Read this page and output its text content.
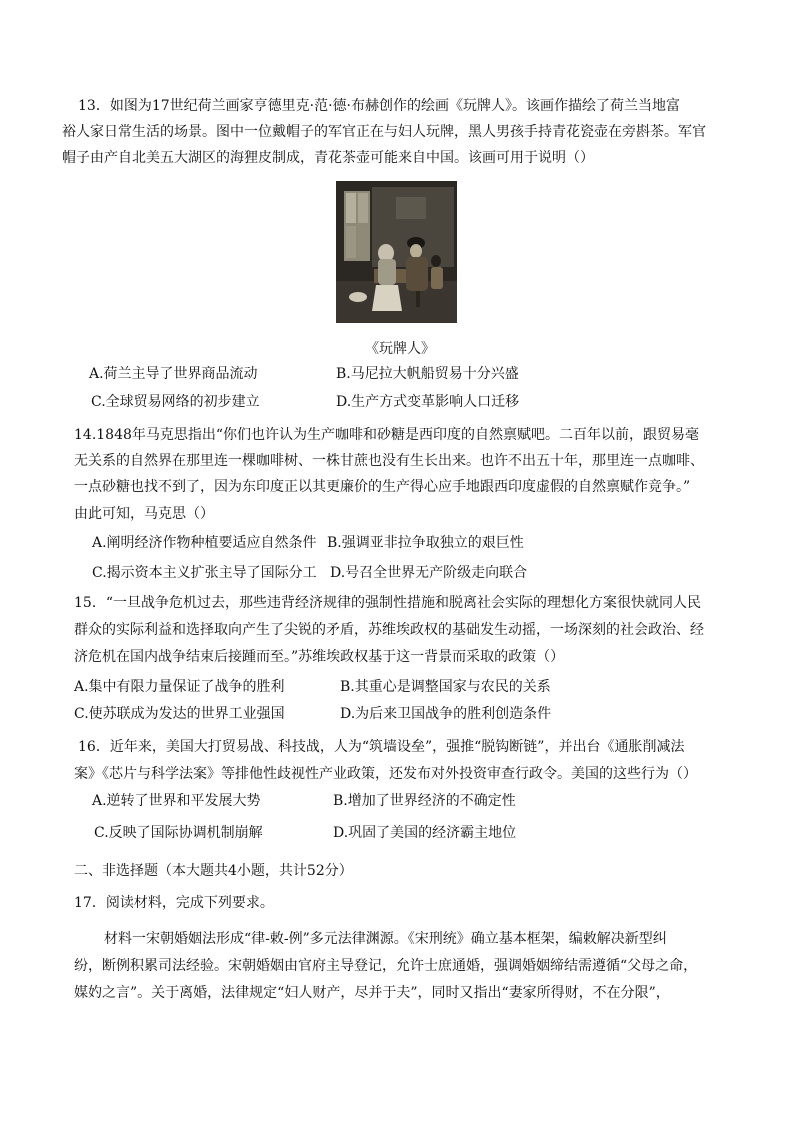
13．如图为17世纪荷兰画家亨德里克·范·德·布赫创作的绘画《玩牌人》。该画作描绘了荷兰当地富
裕人家日常生活的场景。图中一位戴帽子的军官正在与妇人玩牌，黑人男孩手持青花瓷壶在旁斟茶。军官
帽子由产自北美五大湖区的海狸皮制成，青花茶壶可能来自中国。该画可用于说明（）
《玩牌人》
A.荷兰主导了世界商品流动	B.马尼拉大帆船贸易十分兴盛
C.全球贸易网络的初步建立	D.生产方式变革影响人口迁移
14.1848年马克思指出“你们也许认为生产咖啡和砂糖是西印度的自然禀赋吧。二百年以前，跟贸易毫
无关系的自然界在那里连一棵咖啡树、一株甘蔗也没有生长出来。也许不出五十年，那里连一点咖啡、
一点砂糖也找不到了，因为东印度正以其更廉价的生产得心应手地跟西印度虚假的自然禀赋作竞争。”
由此可知，马克思（）
A.阐明经济作物种植要适应自然条件 B.强调亚非拉争取独立的艰巨性
C.揭示资本主义扩张主导了国际分工 D.号召全世界无产阶级走向联合
15．“一旦战争危机过去，那些违背经济规律的强制性措施和脱离社会实际的理想化方案很快就同人民
群众的实际利益和选择取向产生了尖锐的矛盾，苏维埃政权的基础发生动摇，一场深刻的社会政治、经
济危机在国内战争结束后接踵而至。”苏维埃政权基于这一背景而采取的政策（）
A.集中有限力量保证了战争的胜利	B.其重心是调整国家与农民的关系
C.使苏联成为发达的世界工业强国	D.为后来卫国战争的胜利创造条件
16．近年来，美国大打贸易战、科技战，人为“筑墙设垒”，强推“脱钩断链”，并出台《通胀削减法
案》《芯片与科学法案》等排他性歧视性产业政策，还发布对外投资审查行政令。美国的这些行为（）
A.逆转了世界和平发展大势	B.增加了世界经济的不确定性
C.反映了国际协调机制崩解	D.巩固了美国的经济霸主地位
二、非选择题（本大题共4小题，共计52分）
17．阅读材料，完成下列要求。
材料一宋朝婚姻法形成“律-敕-例”多元法律渊源。《宋刑统》确立基本框架，编敕解决新型纠
纷，断例积累司法经验。宋朝婚姻由官府主导登记，允许士庶通婚，强调婚姻缔结需遵循“父母之命，
媒妁之言”。关于离婚，法律规定“妇人财产，尽并于夫”，同时又指出“妻家所得财，不在分限”，
